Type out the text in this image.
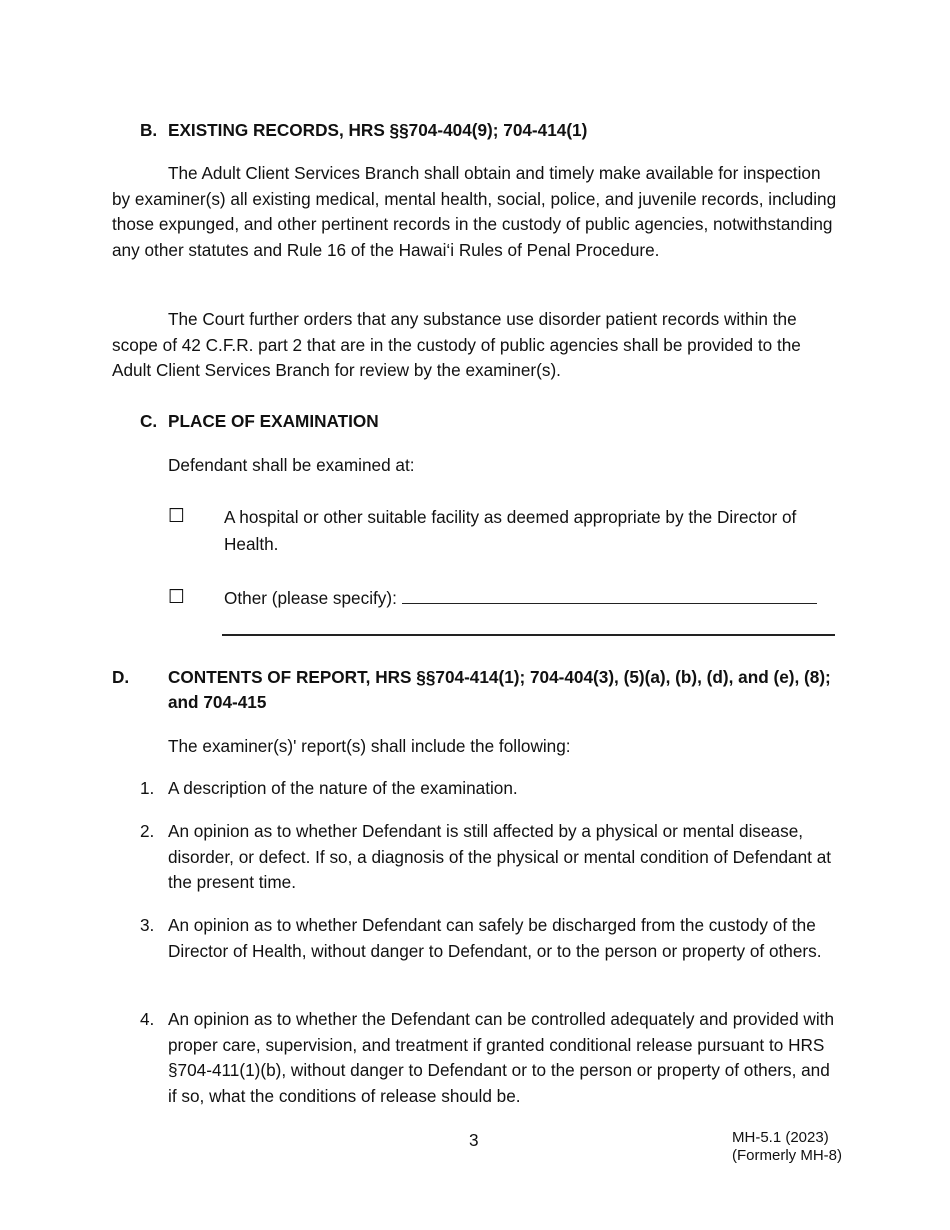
B. EXISTING RECORDS, HRS §§704-404(9); 704-414(1)

The Adult Client Services Branch shall obtain and timely make available for inspection by examiner(s) all existing medical, mental health, social, police, and juvenile records, including those expunged, and other pertinent records in the custody of public agencies, notwithstanding any other statutes and Rule 16 of the Hawai‘i Rules of Penal Procedure.

The Court further orders that any substance use disorder patient records within the scope of 42 C.F.R. part 2 that are in the custody of public agencies shall be provided to the Adult Client Services Branch for review by the examiner(s).

C. PLACE OF EXAMINATION
Defendant shall be examined at:
☐ A hospital or other suitable facility as deemed appropriate by the Director of Health.
☐ Other (please specify):
D. CONTENTS OF REPORT, HRS §§704-414(1); 704-404(3), (5)(a), (b), (d), and (e), (8); and 704-415
The examiner(s)' report(s) shall include the following:
1. A description of the nature of the examination.
2. An opinion as to whether Defendant is still affected by a physical or mental disease, disorder, or defect. If so, a diagnosis of the physical or mental condition of Defendant at the present time.
3. An opinion as to whether Defendant can safely be discharged from the custody of the Director of Health, without danger to Defendant, or to the person or property of others.
4. An opinion as to whether the Defendant can be controlled adequately and provided with proper care, supervision, and treatment if granted conditional release pursuant to HRS §704-411(1)(b), without danger to Defendant or to the person or property of others, and if so, what the conditions of release should be.
3	MH-5.1 (2023)
(Formerly MH-8)
